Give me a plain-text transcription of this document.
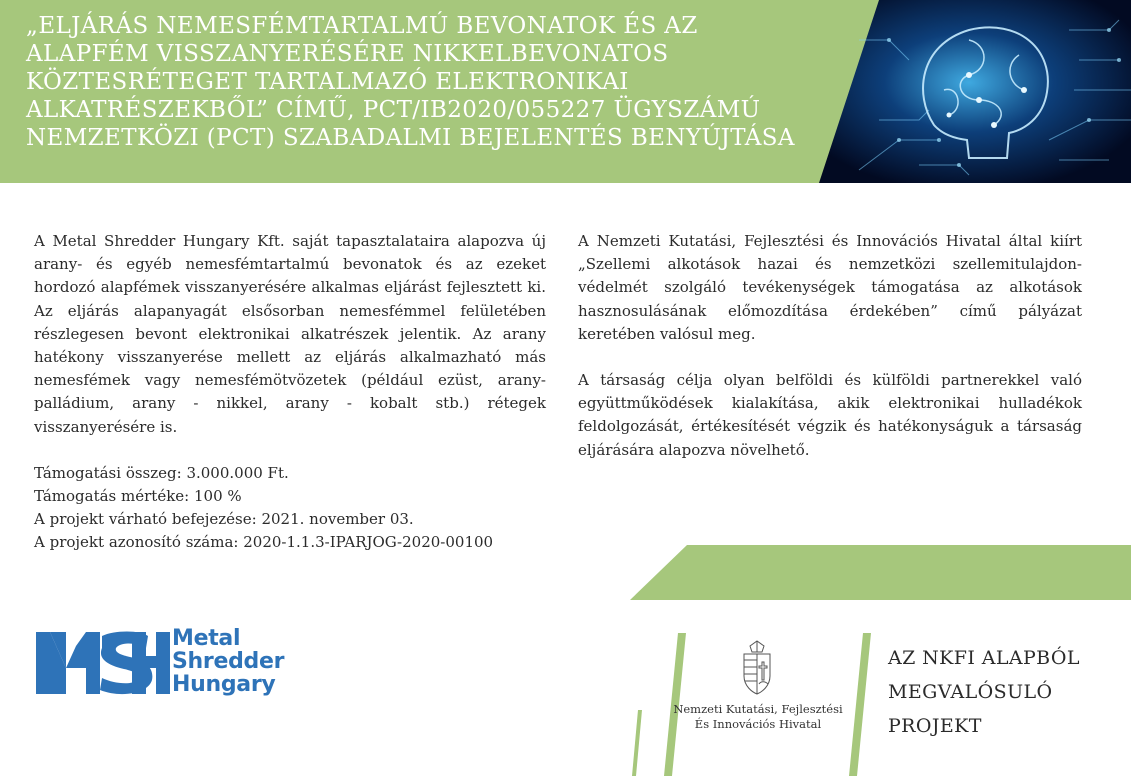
„ELJÁRÁS NEMESFÉMTARTALMÚ BEVONATOK ÉS AZ ALAPFÉM VISSZANYERÉSÉRE NIKKELBEVONATOS KÖZTESRÉTEGET TARTALMAZÓ ELEKTRONIKAI ALKATRÉSZEKBŐL” CÍMŰ, PCT/IB2020/055227 ÜGYSZÁMÚ NEMZETKÖZI (PCT) SZABADALMI BEJELENTÉS BENYÚJTÁSA

A Metal Shredder Hungary Kft. saját tapasztalataira alapozva új arany- és egyéb nemesfémtartalmú bevonatok és az ezeket hordozó alapfémek visszanyerésére alkalmas eljárást fejlesztett ki. Az eljárás alapanyagát elsősorban nemesfémmel felületében részlegesen bevont elektronikai alkatrészek jelentik. Az arany hatékony visszanyerése mellett az eljárás alkalmazható más nemesfémek vagy nemesfémötvözetek (például ezüst, arany-palládium, arany - nikkel, arany - kobalt stb.) rétegek visszanyerésére is.

Támogatási összeg: 3.000.000 Ft.
Támogatás mértéke: 100 %
A projekt várható befejezése: 2021. november 03.
A projekt azonosító száma: 2020-1.1.3-IPARJOG-2020-00100

A Nemzeti Kutatási, Fejlesztési és Innovációs Hivatal által kiírt „Szellemi alkotások hazai és nemzetközi szellemitulajdon-védelmét szolgáló tevékenységek támogatása az alkotások hasznosulásának előmozdítása érdekében” című pályázat keretében valósul meg.

A társaság célja olyan belföldi és külföldi partnerekkel való együttműködések kialakítása, akik elektronikai hulladékok feldolgozását, értékesítését végzik és hatékonyságuk a társaság eljárására alapozva növelhető.

Metal
Shredder
Hungary
Nemzeti Kutatási, Fejlesztési
És Innovációs Hivatal
AZ NKFI ALAPBÓL
MEGVALÓSULÓ
PROJEKT
